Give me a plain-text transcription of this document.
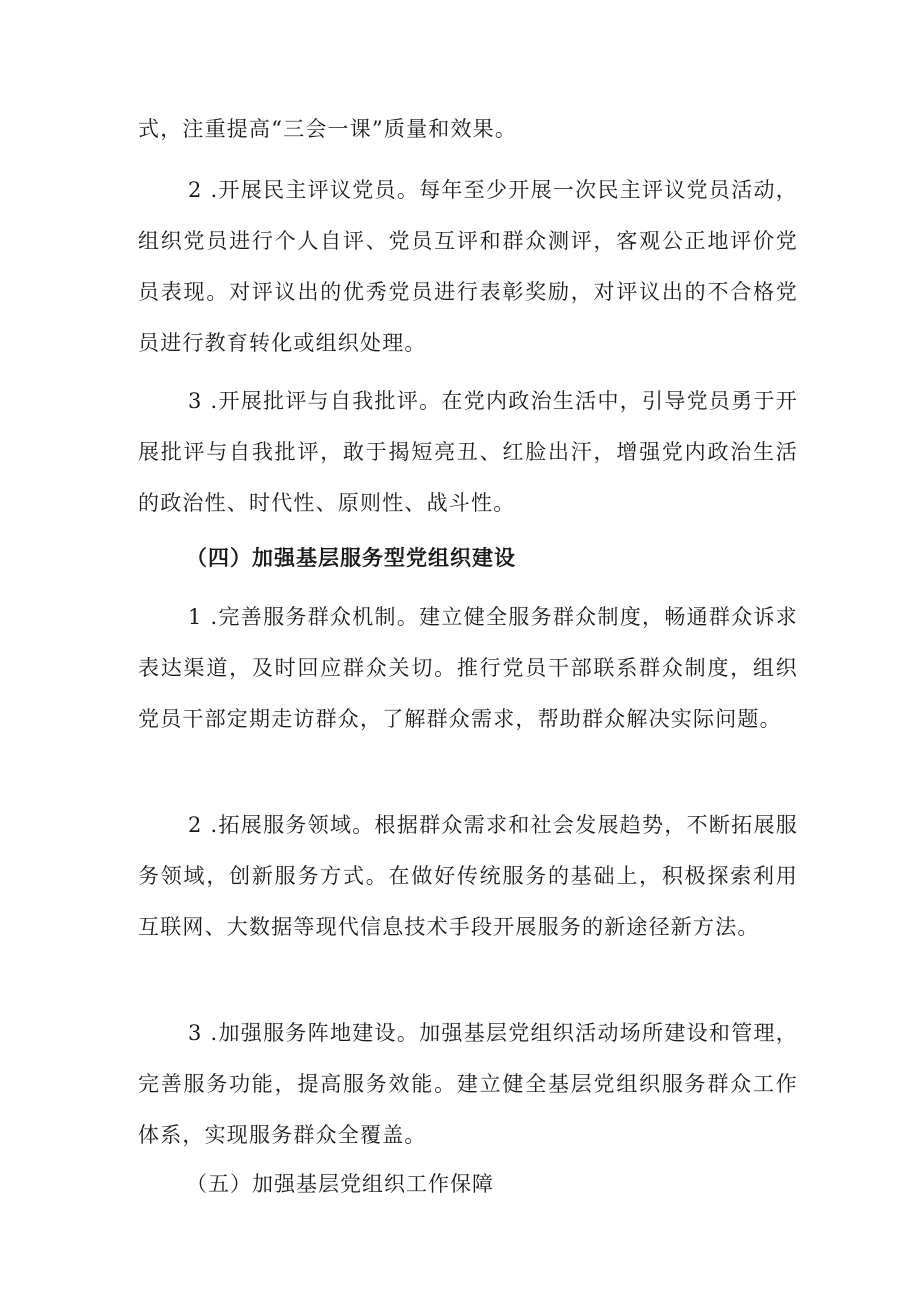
式，注重提高“三会一课”质量和效果。

2 .开展民主评议党员。每年至少开展一次民主评议党员活动，组织党员进行个人自评、党员互评和群众测评，客观公正地评价党员表现。对评议出的优秀党员进行表彰奖励，对评议出的不合格党员进行教育转化或组织处理。

3 .开展批评与自我批评。在党内政治生活中，引导党员勇于开展批评与自我批评，敢于揭短亮丑、红脸出汗，增强党内政治生活的政治性、时代性、原则性、战斗性。

（四）加强基层服务型党组织建设

1 .完善服务群众机制。建立健全服务群众制度，畅通群众诉求表达渠道，及时回应群众关切。推行党员干部联系群众制度，组织党员干部定期走访群众，了解群众需求，帮助群众解决实际问题。

2 .拓展服务领域。根据群众需求和社会发展趋势，不断拓展服务领域，创新服务方式。在做好传统服务的基础上，积极探索利用互联网、大数据等现代信息技术手段开展服务的新途径新方法。

3 .加强服务阵地建设。加强基层党组织活动场所建设和管理，完善服务功能，提高服务效能。建立健全基层党组织服务群众工作体系，实现服务群众全覆盖。

（五）加强基层党组织工作保障
